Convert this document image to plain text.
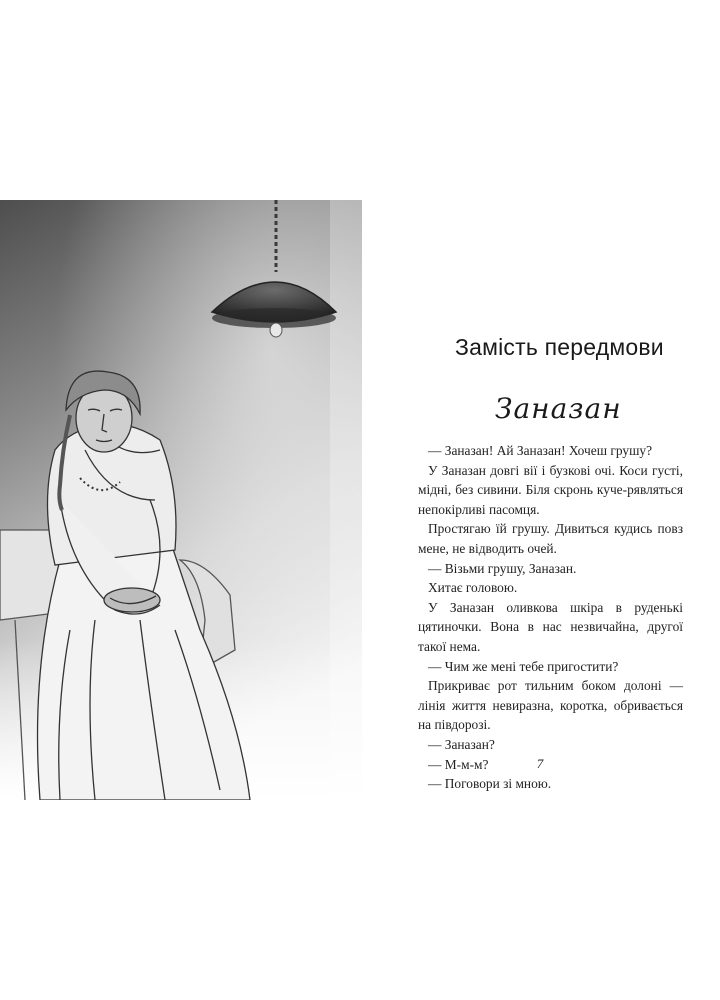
Замість передмови
Заназан

— Заназан! Ай Заназан! Хочеш грушу?

У Заназан довгі вії і бузкові очі. Коси густі, мідні, без сивини. Біля скронь куче-рявляться непокірливі пасомця.

Простягаю їй грушу. Дивиться кудись повз мене, не відводить очей.

— Візьми грушу, Заназан.

Хитає головою.

У Заназан оливкова шкіра в руденькі цятиночки. Вона в нас незвичайна, другої такої нема.

— Чим же мені тебе пригостити?

Прикриває рот тильним боком долоні — лінія життя невиразна, коротка, обривається на півдорозі.

— Заназан?

— М-м-м?

— Поговори зі мною.

7
